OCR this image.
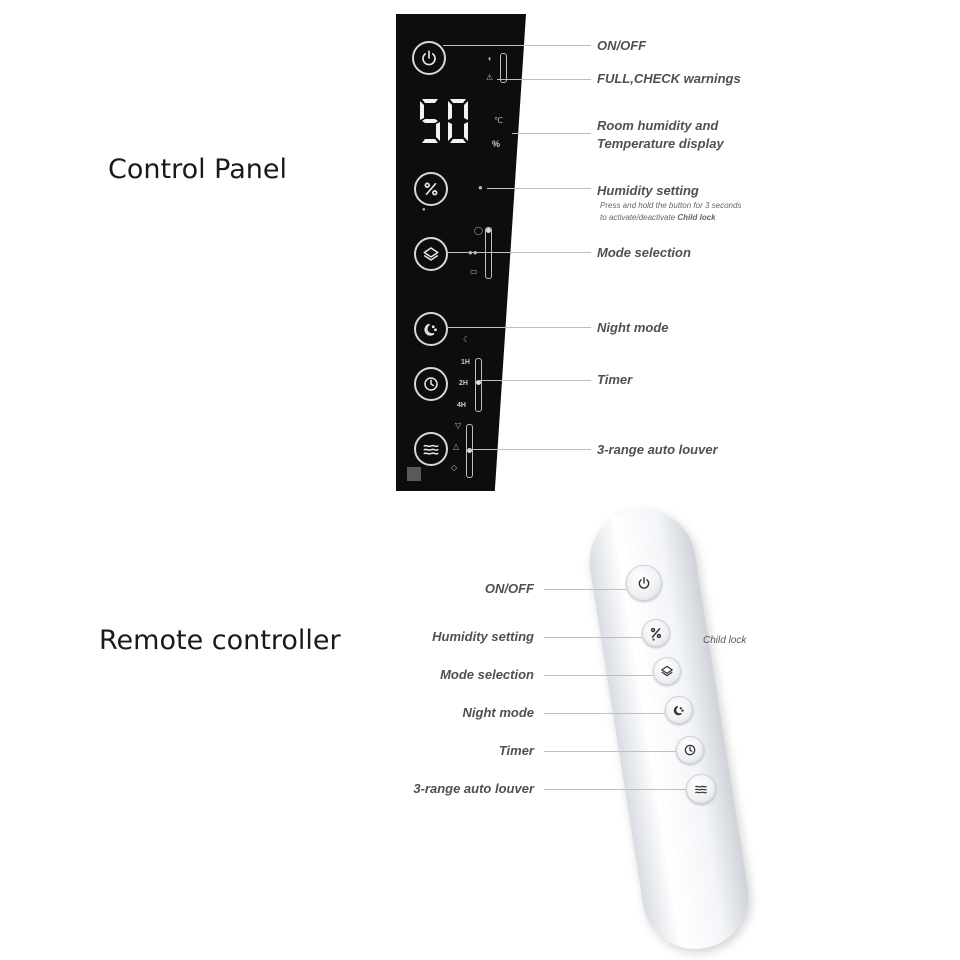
Control Panel
Remote controller
◖
⚠
℃
%
●
●
◯
●●
▭
☾
1H
2H
4H
▽
△
◇
ON/OFF
FULL,CHECK warnings
Room humidity and
Temperature display
Humidity setting
Press and hold the button for 3 seconds
to activate/deactivate Child lock
Mode selection
Night mode
Timer
3-range auto louver
●
ON/OFF
Humidity setting
Mode selection
Night mode
Timer
3-range auto louver
Child lock
